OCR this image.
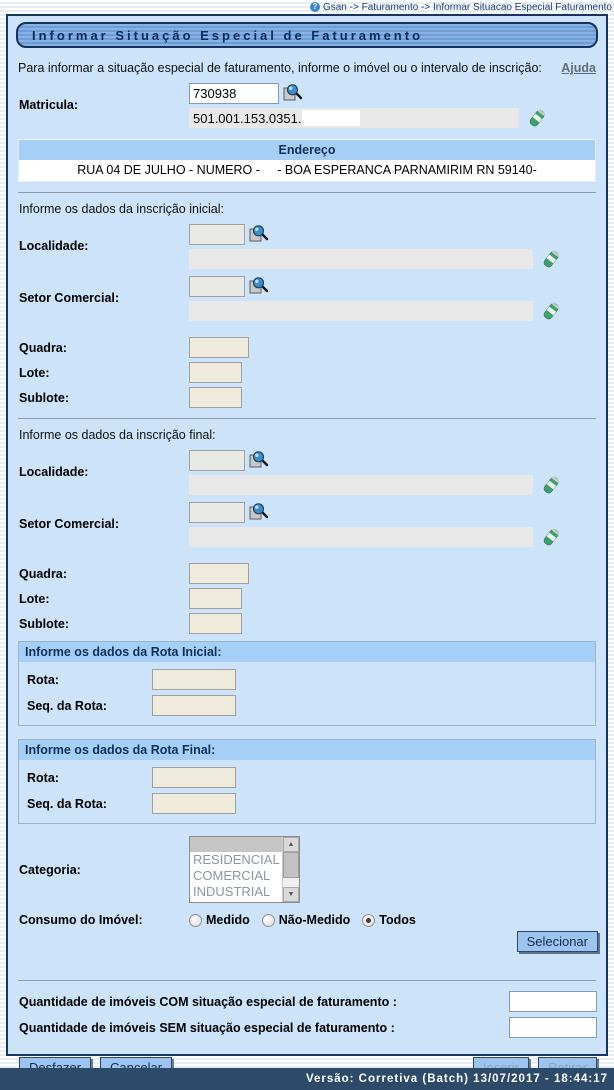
? Gsan -> Faturamento -> Informar Situacao Especial Faturamento
Informar Situação Especial de Faturamento
Para informar a situação especial de faturamento, informe o imóvel ou o intervalo de inscrição: Ajuda
Matricula:
730938
501.001.153.0351.
Endereço
RUA 04 DE JULHO - NUMERO -     - BOA ESPERANCA PARNAMIRIM RN 59140-
Informe os dados da inscrição inicial:
Localidade:
Setor Comercial:
Quadra:
Lote:
Sublote:
Informe os dados da inscrição final:
Localidade:
Setor Comercial:
Quadra:
Lote:
Sublote:
Informe os dados da Rota Inicial:
Rota:
Seq. da Rota:
Informe os dados da Rota Final:
Rota:
Seq. da Rota:
Categoria:
RESIDENCIAL
COMERCIAL
INDUSTRIAL
▲
▼
Consumo do Imóvel:	Medido Não-Medido Todos
Selecionar
Quantidade de imóveis COM situação especial de faturamento :
Quantidade de imóveis SEM situação especial de faturamento :
Versão: Corretiva (Batch) 13/07/2017 - 18:44:17
